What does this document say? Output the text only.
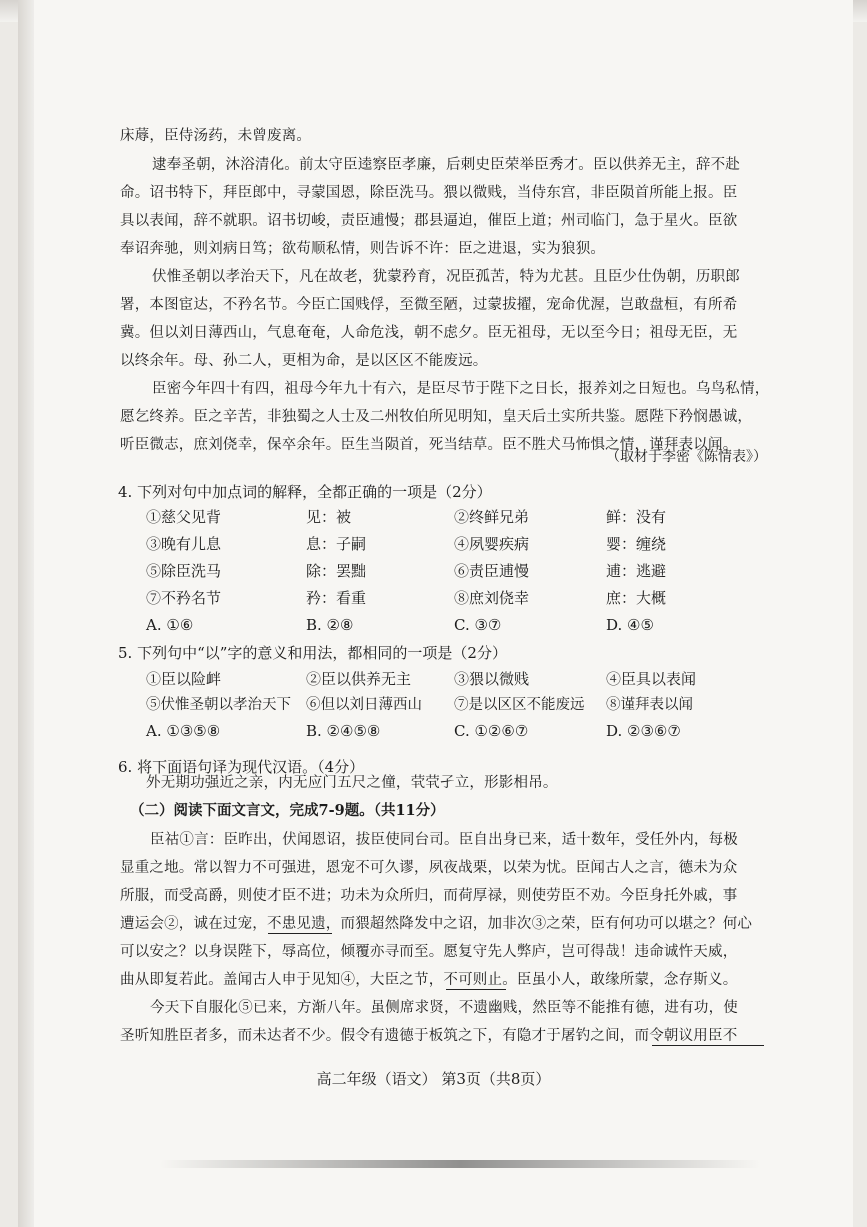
床蓐，臣侍汤药，未曾废离。
逮奉圣朝，沐浴清化。前太守臣逵察臣孝廉，后刺史臣荣举臣秀才。臣以供养无主，辞不赴
命。诏书特下，拜臣郎中，寻蒙国恩，除臣洗马。猥以微贱，当侍东宫，非臣陨首所能上报。臣
具以表闻，辞不就职。诏书切峻，责臣逋慢；郡县逼迫，催臣上道；州司临门，急于星火。臣欲
奉诏奔驰，则刘病日笃；欲苟顺私情，则告诉不许：臣之进退，实为狼狈。
伏惟圣朝以孝治天下，凡在故老，犹蒙矜育，况臣孤苦，特为尤甚。且臣少仕伪朝，历职郎
署，本图宦达，不矜名节。今臣亡国贱俘，至微至陋，过蒙拔擢，宠命优渥，岂敢盘桓，有所希
冀。但以刘日薄西山，气息奄奄，人命危浅，朝不虑夕。臣无祖母，无以至今日；祖母无臣，无
以终余年。母、孙二人，更相为命，是以区区不能废远。
臣密今年四十有四，祖母今年九十有六，是臣尽节于陛下之日长，报养刘之日短也。乌鸟私情，
愿乞终养。臣之辛苦，非独蜀之人士及二州牧伯所见明知，皇天后土实所共鉴。愿陛下矜悯愚诚，
听臣微志，庶刘侥幸，保卒余年。臣生当陨首，死当结草。臣不胜犬马怖惧之情，谨拜表以闻。
（取材于李密《陈情表》）
4. 下列对句中加点词的解释，全都正确的一项是（2分）
①慈父见背	见：被	②终鲜兄弟	鲜：没有
③晚有儿息	息：子嗣	④夙婴疾病	婴：缠绕
⑤除臣洗马	除：罢黜	⑥责臣逋慢	逋：逃避
⑦不矜名节	矜：看重	⑧庶刘侥幸	庶：大概
A. ①⑥	B. ②⑧	C. ③⑦	D. ④⑤
5. 下列句中“以”字的意义和用法，都相同的一项是（2分）
①臣以险衅	②臣以供养无主	③猥以微贱	④臣具以表闻
⑤伏惟圣朝以孝治天下 ⑥但以刘日薄西山 ⑦是以区区不能废远 ⑧谨拜表以闻
A. ①③⑤⑧	B. ②④⑤⑧	C. ①②⑥⑦	D. ②③⑥⑦
6. 将下面语句译为现代汉语。（4分）
外无期功强近之亲，内无应门五尺之僮，茕茕孑立，形影相吊。
（二）阅读下面文言文，完成7-9题。（共11分）
臣祜①言：臣昨出，伏闻恩诏，拔臣使同台司。臣自出身已来，适十数年，受任外内，每极
显重之地。常以智力不可强进，恩宠不可久谬，夙夜战栗，以荣为忧。臣闻古人之言，德未为众
所服，而受高爵，则使才臣不进；功未为众所归，而荷厚禄，则使劳臣不劝。今臣身托外戚，事
遭运会②，诚在过宠，不患见遗，而猥超然降发中之诏，加非次③之荣，臣有何功可以堪之？何心
可以安之？以身误陛下，辱高位，倾覆亦寻而至。愿复守先人弊庐，岂可得哉！违命诚忤天威，
曲从即复若此。盖闻古人申于见知④，大臣之节，不可则止。臣虽小人，敢缘所蒙，念存斯义。
今天下自服化⑤已来，方渐八年。虽侧席求贤，不遗幽贱，然臣等不能推有德，进有功，使
圣听知胜臣者多，而未达者不少。假令有遗德于板筑之下，有隐才于屠钓之间，而令朝议用臣不
高二年级（语文） 第3页（共8页）
